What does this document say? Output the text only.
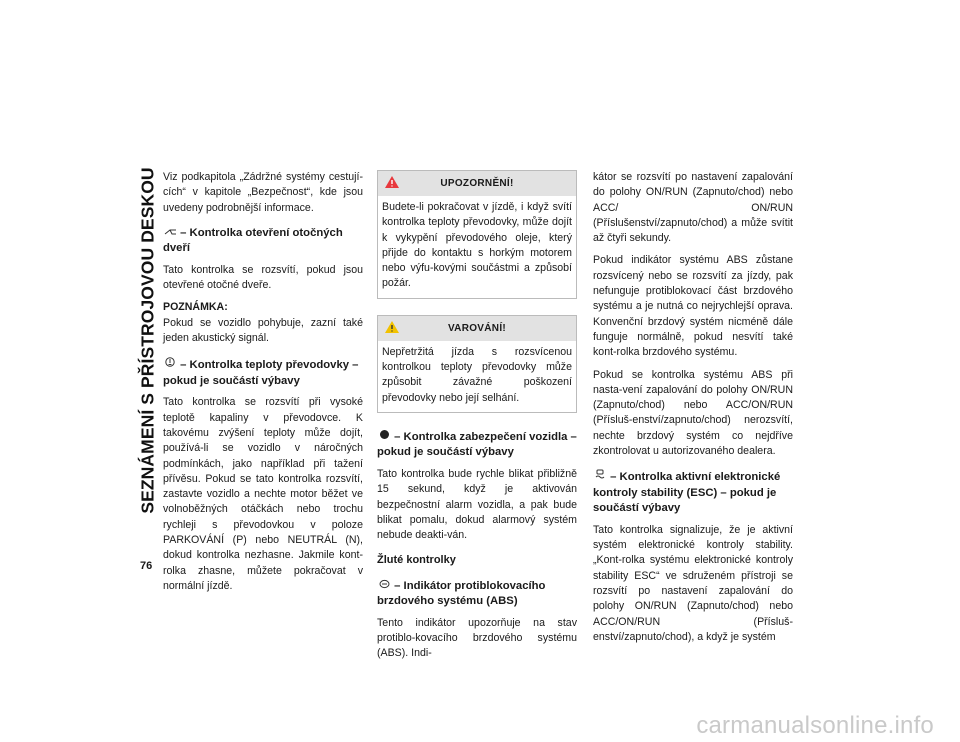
SEZNÁMENÍ S PŘÍSTROJOVOU DESKOU
76

Viz podkapitola „Zádržné systémy cestují-cích“ v kapitole „Bezpečnost“, kde jsou uvedeny podrobnější informace.

– Kontrolka otevření otočných dveří

Tato kontrolka se rozsvítí, pokud jsou otevřené otočné dveře.

POZNÁMKA:

Pokud se vozidlo pohybuje, zazní také jeden akustický signál.

– Kontrolka teploty převodovky – pokud je součástí výbavy

Tato kontrolka se rozsvítí při vysoké teplotě kapaliny v převodovce. K takovému zvýšení teploty může dojít, používá-li se vozidlo v náročných podmínkách, jako například při tažení přívěsu. Pokud se tato kontrolka rozsvítí, zastavte vozidlo a nechte motor běžet ve volnoběžných otáčkách nebo trochu rychleji s převodovkou v poloze PARKOVÁNÍ (P) nebo NEUTRÁL (N), dokud kontrolka nezhasne. Jakmile kont-rolka zhasne, můžete pokračovat v normální jízdě.

UPOZORNĚNÍ!

Budete-li pokračovat v jízdě, i když svítí kontrolka teploty převodovky, může dojít k vykypění převodového oleje, který přijde do kontaktu s horkým motorem nebo výfu-kovými součástmi a způsobí požár.

VAROVÁNÍ!

Nepřetržitá jízda s rozsvícenou kontrolkou teploty převodovky může způsobit závažné poškození převodovky nebo její selhání.

– Kontrolka zabezpečení vozidla – pokud je součástí výbavy

Tato kontrolka bude rychle blikat přibližně 15 sekund, když je aktivován bezpečnostní alarm vozidla, a pak bude blikat pomalu, dokud alarmový systém nebude deakti-ván.

Žluté kontrolky
– Indikátor protiblokovacího brzdového systému (ABS)

Tento indikátor upozorňuje na stav protiblo-kovacího brzdového systému (ABS). Indi-

kátor se rozsvítí po nastavení zapalování do polohy ON/RUN (Zapnuto/chod) nebo ACC/ ON/RUN (Příslušenství/zapnuto/chod) a může svítit až čtyři sekundy.

Pokud indikátor systému ABS zůstane rozsvícený nebo se rozsvítí za jízdy, pak nefunguje protiblokovací část brzdového systému a je nutná co nejrychlejší oprava. Konvenční brzdový systém nicméně dále funguje normálně, pokud nesvítí také kont-rolka brzdového systému.

Pokud se kontrolka systému ABS při nasta-vení zapalování do polohy ON/RUN (Zapnuto/chod) nebo ACC/ON/RUN (Přísluš-enství/zapnuto/chod) nerozsvítí, nechte brzdový systém co nejdříve zkontrolovat u autorizovaného dealera.

– Kontrolka aktivní elektronické kontroly stability (ESC) – pokud je součástí výbavy

Tato kontrolka signalizuje, že je aktivní systém elektronické kontroly stability. „Kont-rolka systému elektronické kontroly stability ESC“ ve sdruženém přístroji se rozsvítí po nastavení zapalování do polohy ON/RUN (Zapnuto/chod) nebo ACC/ON/RUN (Přísluš-enství/zapnuto/chod), a když je systém

carmanualsonline.info
